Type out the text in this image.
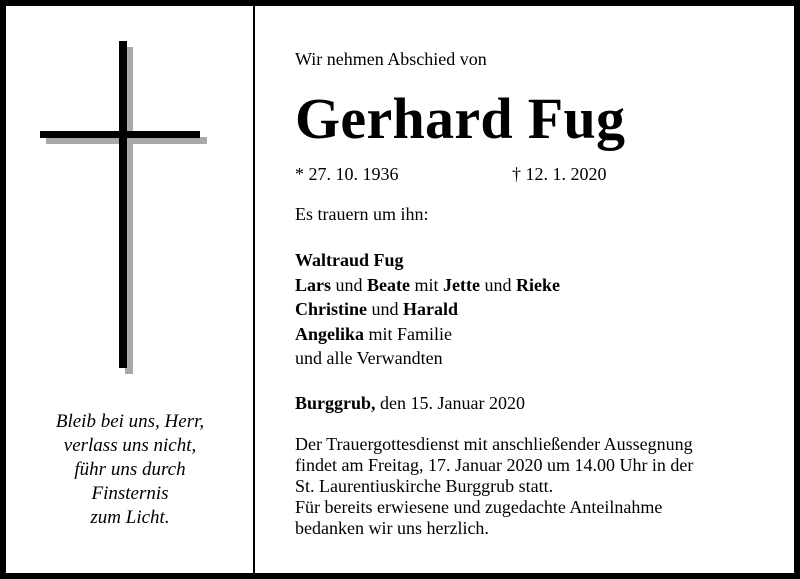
Bleib bei uns, Herr,
verlass uns nicht,
führ uns durch
Finsternis
zum Licht.
Wir nehmen Abschied von
Gerhard Fug
* 27. 10. 1936	† 12. 1. 2020
Es trauern um ihn:
Waltraud Fug
Lars und Beate mit Jette und Rieke
Christine und Harald
Angelika mit Familie
und alle Verwandten
Burggrub, den 15. Januar 2020
Der Trauergottesdienst mit anschließender Aussegnung
findet am Freitag, 17. Januar 2020 um 14.00 Uhr in der
St. Laurentiuskirche Burggrub statt.
Für bereits erwiesene und zugedachte Anteilnahme
bedanken wir uns herzlich.
